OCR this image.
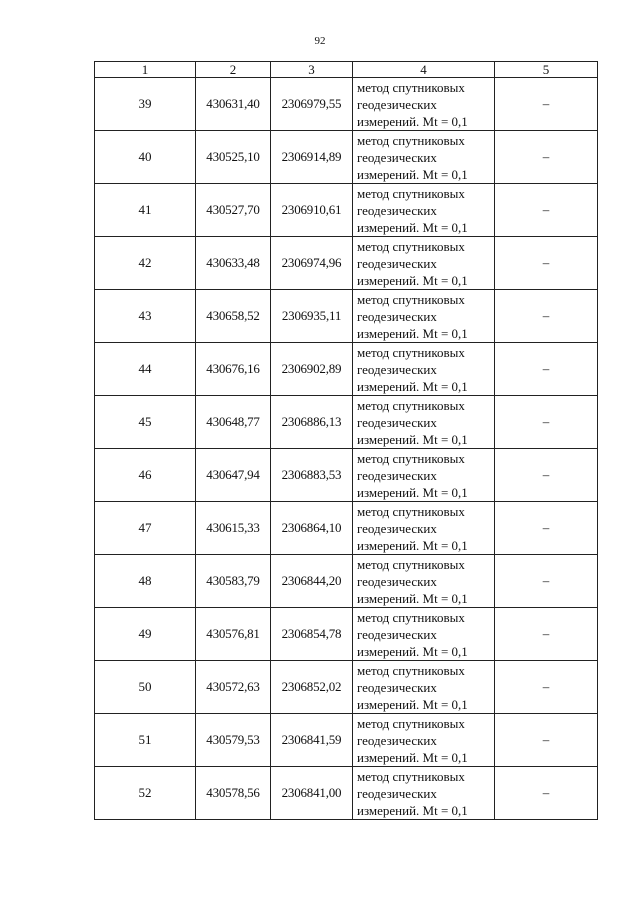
92
1	2	3	4	5
39	430631,40	2306979,55	метод спутниковых
геодезических
измерений. Mt = 0,1	–
40	430525,10	2306914,89	метод спутниковых
геодезических
измерений. Mt = 0,1	–
41	430527,70	2306910,61	метод спутниковых
геодезических
измерений. Mt = 0,1	–
42	430633,48	2306974,96	метод спутниковых
геодезических
измерений. Mt = 0,1	–
43	430658,52	2306935,11	метод спутниковых
геодезических
измерений. Mt = 0,1	–
44	430676,16	2306902,89	метод спутниковых
геодезических
измерений. Mt = 0,1	–
45	430648,77	2306886,13	метод спутниковых
геодезических
измерений. Mt = 0,1	–
46	430647,94	2306883,53	метод спутниковых
геодезических
измерений. Mt = 0,1	–
47	430615,33	2306864,10	метод спутниковых
геодезических
измерений. Mt = 0,1	–
48	430583,79	2306844,20	метод спутниковых
геодезических
измерений. Mt = 0,1	–
49	430576,81	2306854,78	метод спутниковых
геодезических
измерений. Mt = 0,1	–
50	430572,63	2306852,02	метод спутниковых
геодезических
измерений. Mt = 0,1	–
51	430579,53	2306841,59	метод спутниковых
геодезических
измерений. Mt = 0,1	–
52	430578,56	2306841,00	метод спутниковых
геодезических
измерений. Mt = 0,1	–
